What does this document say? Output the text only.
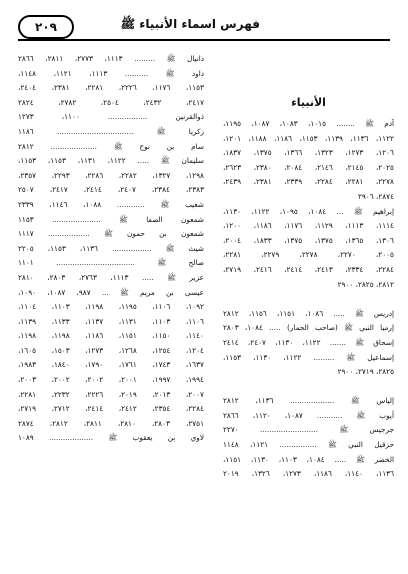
فهرس اسماء الأنبياء ﷺ
٢٠٩
الأنبياء
آدم ﷺ ........ ١٠١٥، ١٠٨٣، ١٠٨٧، ١١٩٥،
١١٢٢، ١١٣٦، ١١٣٩، ١١٥٣، ١١٨٦، ١١٨٨، ١٢٠١،
١٢٠٦، ١٢٧٣، ١٣٢٣، ١٣٦٦، ١٣٧٥، ١٨٣٧،
٢٠٢٥، ٢١٤٥، ٢١٤٦، ٢٠٨٤، ٢٣٨٠، ٢٦٢٣،
٢٢٧٨، ٢٢٨١، ٢٢٨٤، ٢٣٣٩، ٢٣٨١، ٢٤٣٩،
٢٨٧٤، ٢٩٠٦
إبراهيم ﷺ ... ١٠٨٤، ١٠٩٥، ١١٢٢، ١١٣٠،
١١١٤، ١١١٣، ١١٢٩، ١١٧٦، ١١٨٦، ١٢٠٠،
١٣٠٦، ١٣٦٥، ١٣٧٥، ١٣٧٥، ١٨٣٣، ٢٠٠٤،
٢٠٠٥، ٢٢٧٠، ٢٢٧٨، ٢٢٧٩، ٢٢٨١،
٢٢٨٤، ٢٣٣٤، ٢٤١٣، ٢٤١٤، ٢٤١٦، ٢٧١٩،
٢٨١٢، ٢٨٢٥، ٢٩٠٠
إدريس ﷺ ..... ١٠٨٦، ١١٥١، ١١٥٦، ٢٨١٢
إرميا النبي ﷺ (صاحب الحمار) ..... ١٠٨٤، ٢٨٠٣
إسحاق ﷺ ....... ١١٢٢، ١١٣٠، ٢٤٠٧، ٢٤١٤
إسماعيل ﷺ ......... ١١٢٢، ١١٣٠، ١١٥٣،
٢٨٢٥، ٢٧١٩، ٢٩٠٠
إلياس ﷺ ................... ١١٣٦، ٢٨١٢
أيوب ﷺ ........... ١٠٨٧، ١١٢٠، ٢٨٦٦
جرجيس ﷺ ......................... ٢٢٧٠
حزقيل النبي ﷺ ................ ١١٢١، ١١٤٨
الخضر ﷺ ..... ١٠٨٤، ١١٠٣، ١١٣٠، ١١٥١،
١١٣٦، ١١٤٠، ١١٨٦، ١٢٧٣، ١٣٢٦، ٢٠١٩
دانيال ﷺ ......... ١١١٣، ٢٧٧٣، ٢٨١١، ٢٨٦٦
داود ﷺ .......... ١١١٣، ١١٢١، ١١٤٨،
١١٥٣، ١١٧٦، ٢٢٢٦، ٢٢٨١، ٢٣٨١، ٢٤٠٤،
٢٤١٧، ٢٤٣٢، ٢٥٠٤، ٢٧٨٢، ٢٨٢٤
ذوالقرنين ................. ١١٠٠، ١٢٧٣
زكريا ﷺ ................................. ١١٨٦
سام بن نوح ﷺ .................... ٢٨١٢
سليمان ﷺ ..... ١١٢٢، ١١٣١، ١١٥٣، ١١٥٣،
١٢٩٨، ١٣٢٧، ٢٢٨٢، ٢٢٨٦، ٢٢٩٣، ٢٣٥٧،
٢٣٨٣، ٢٣٨٤، ٢٤٠٧، ٢٤١٤، ٢٤١٧، ٢٥٠٧
شعيب ﷺ ............ ١٠٨٨، ١١٤٦، ٢٣٣٩
شمعون الصفا ﷺ ..................... ١١٥٣
شمعون بن حمون ﷺ .................. ١١١٧
شيث ﷺ ................. ١١٣٦، ١١٥٣، ٢٢٠٥
صالح ﷺ .................................. ١١٠١
عزير ﷺ ..... ١١١٣، ٢٧٦٣، ٢٨٠٣، ٢٨١٠
عيسى بن مريم ﷺ ... ٩٨٧، ١٠٨٧، ١٠٩٠،
١٠٩٢، ١١٠٦، ١١٩٥، ١١٩٨، ١١٠٣، ١١٠٤،
١١٠٦، ١١٠٣، ١١٣١، ١١٣٧، ١١٣٣، ١١٣٩،
١١٤٠، ١١٥٠، ١١٥١، ١١٨٦، ١١٩٨، ١١٩٨،
١٢٠٤، ١٢٥٤، ١٢٦٨، ١٢٧٣، ١٥٠٣، ١٦٠٥،
١٦٣٧، ١٧٤٣، ١٧٦١، ١٧٩٠، ١٨٤٠، ١٩٨٣،
١٩٩٤، ١٩٩٧، ٢٠٠١، ٢٠٠٢، ٢٠٠٢، ٢٠٠٣،
٢٠٠٧، ٢٠١٣، ٢٠١٩، ٢٢٢٦، ٢٢٣٢، ٢٢٨١،
٢٢٨٤، ٢٣٥٤، ٢٤١٢، ٢٤١٤، ٢٧١٢، ٢٧١٩،
٢٧٥١، ٢٨٠٣، ٢٨١٠، ٢٨١١، ٢٨١٢، ٢٨٧٤
لاوي بن يعقوب ﷺ ................... ١٠٨٩
